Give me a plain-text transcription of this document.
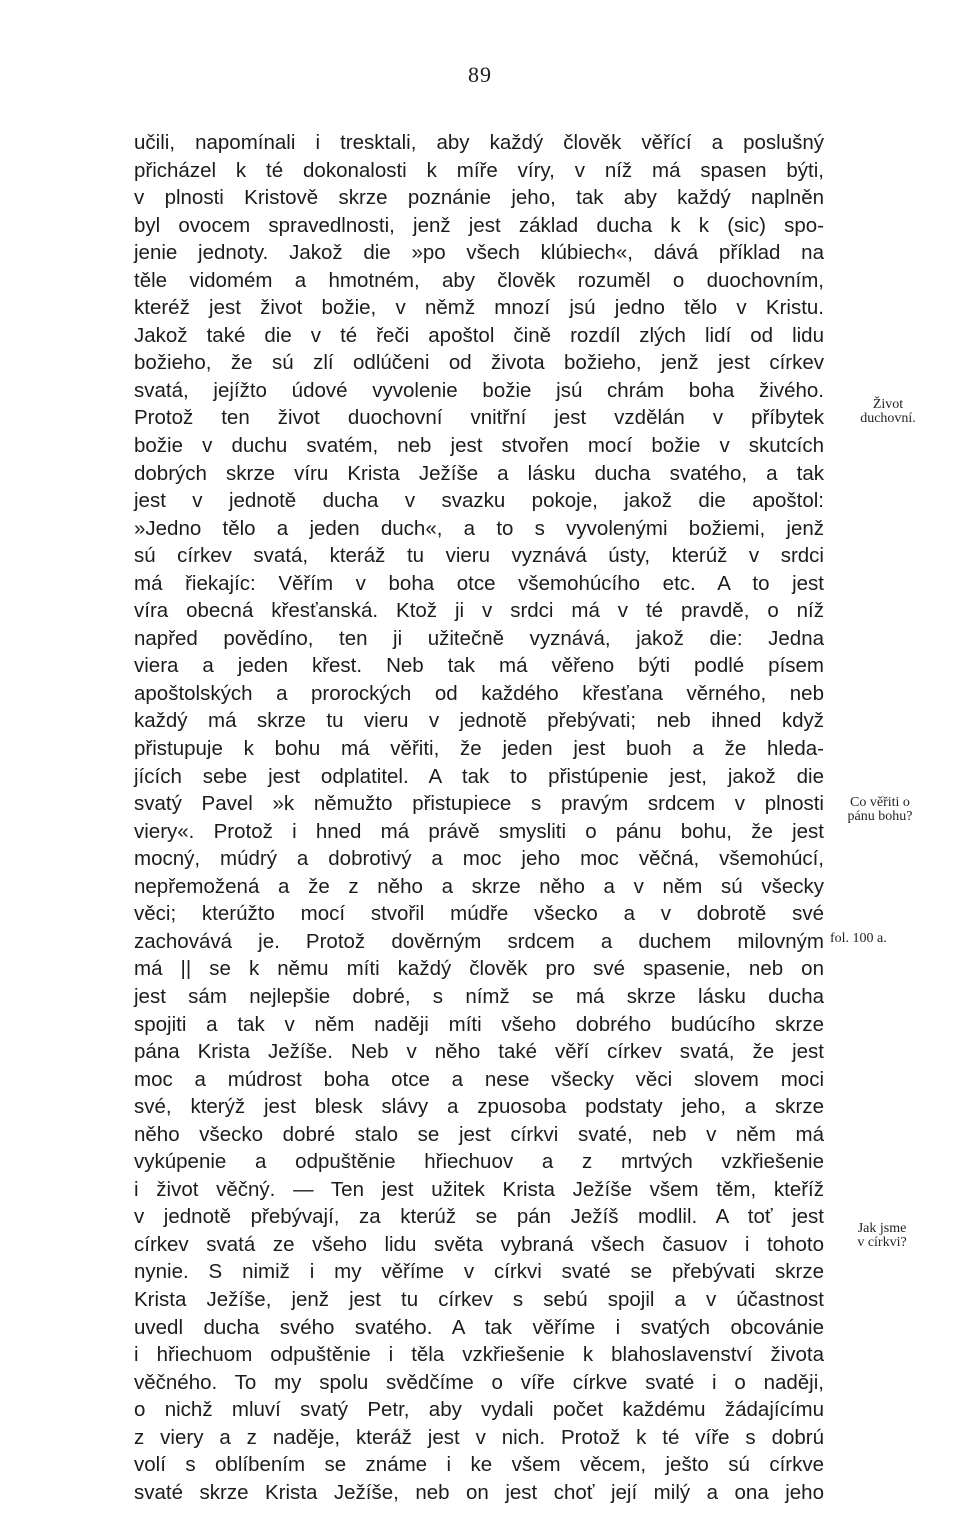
89
učili, napomínali i tresktali, aby každý člověk věřící a poslušný
přicházel k té dokonalosti k míře víry, v níž má spasen býti,
v plnosti Kristově skrze poznánie jeho, tak aby každý naplněn
byl ovocem spravedlnosti, jenž jest základ ducha k k (sic) spo-
jenie jednoty. Jakož die »po všech klúbiech«, dává příklad na
těle vidomém a hmotném, aby člověk rozuměl o duochovním,
kteréž jest život božie, v němž mnozí jsú jedno tělo v Kristu.
Jakož také die v té řeči apoštol čině rozdíl zlých lidí od lidu
božieho, že sú zlí odlúčeni od života božieho, jenž jest církev
svatá, jejížto údové vyvolenie božie jsú chrám boha živého.
Protož ten život duochovní vnitřní jest vzdělán v příbytek
božie v duchu svatém, neb jest stvořen mocí božie v skutcích
dobrých skrze víru Krista Ježíše a lásku ducha svatého, a tak
jest v jednotě ducha v svazku pokoje, jakož die apoštol:
»Jedno tělo a jeden duch«, a to s vyvolenými božiemi, jenž
sú církev svatá, kteráž tu vieru vyznává ústy, kterúž v srdci
má řiekajíc: Věřím v boha otce všemohúcího etc. A to jest
víra obecná křesťanská. Ktož ji v srdci má v té pravdě, o níž
napřed povědíno, ten ji užitečně vyznává, jakož die: Jedna
viera a jeden křest. Neb tak má věřeno býti podlé písem
apoštolských a prorockých od každého křesťana věrného, neb
každý má skrze tu vieru v jednotě přebývati; neb ihned když
přistupuje k bohu má věřiti, že jeden jest buoh a že hleda-
jících sebe jest odplatitel. A tak to přistúpenie jest, jakož die
svatý Pavel »k němužto přistupiece s pravým srdcem v plnosti
viery«. Protož i hned má právě smysliti o pánu bohu, že jest
mocný, múdrý a dobrotivý a moc jeho moc věčná, všemohúcí,
nepřemožená a že z něho a skrze něho a v něm sú všecky
věci; kterúžto mocí stvořil múdře všecko a v dobrotě své
zachovává je. Protož dověrným srdcem a duchem milovným
má || se k němu míti každý člověk pro své spasenie, neb on
jest sám nejlepšie dobré, s nímž se má skrze lásku ducha
spojiti a tak v něm naději míti všeho dobrého budúcího skrze
pána Krista Ježíše. Neb v něho také věří církev svatá, že jest
moc a múdrost boha otce a nese všecky věci slovem moci
své, kterýž jest blesk slávy a zpuosoba podstaty jeho, a skrze
něho všecko dobré stalo se jest církvi svaté, neb v něm má
vykúpenie a odpuštěnie hřiechuov a z mrtvých vzkřiešenie
i život věčný. — Ten jest užitek Krista Ježíše všem těm, kteříž
v jednotě přebývají, za kterúž se pán Ježíš modlil. A toť jest
církev svatá ze všeho lidu světa vybraná všech časuov i tohoto
nynie. S nimiž i my věříme v církvi svaté se přebývati skrze
Krista Ježíše, jenž jest tu církev s sebú spojil a v účastnost
uvedl ducha svého svatého. A tak věříme i svatých obcovánie
i hřiechuom odpuštěnie i těla vzkřiešenie k blahoslavenství života
věčného. To my spolu svědčíme o víře církve svaté i o naději,
o nichž mluví svatý Petr, aby vydali počet každému žádajícímu
z viery a z naděje, kteráž jest v nich. Protož k té víře s dobrú
volí s oblíbením se známe i ke všem věcem, ješto sú církve
svaté skrze Krista Ježíše, neb on jest choť její milý a ona jeho
Život
duchovní.
Co věřiti o
pánu bohu?
fol. 100 a.
Jak jsme
v církvi?
